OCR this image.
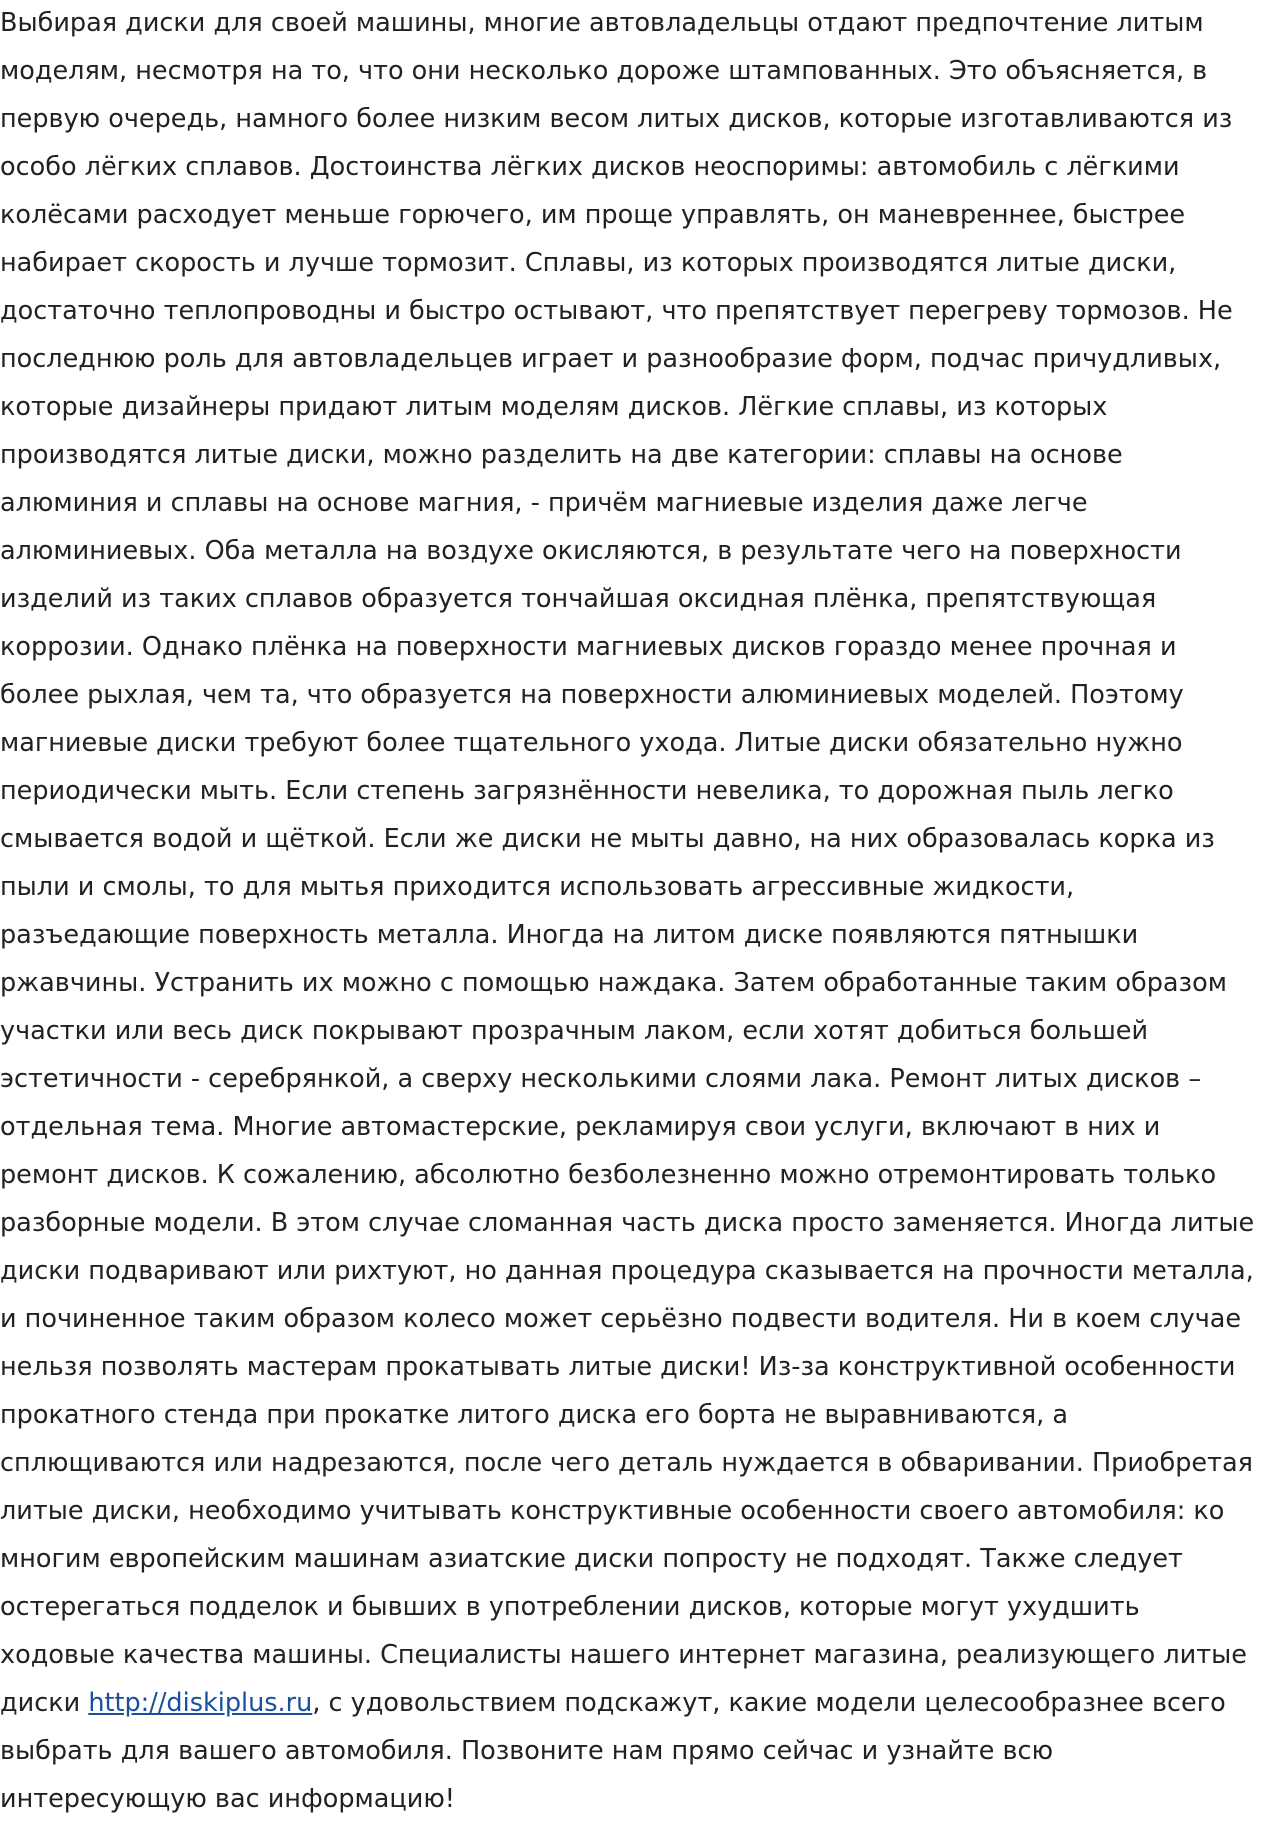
Выбирая диски для своей машины, многие автовладельцы отдают предпочтение литым моделям, несмотря на то, что они несколько дороже штампованных. Это объясняется, в первую очередь, намного более низким весом литых дисков, которые изготавливаются из особо лёгких сплавов. Достоинства лёгких дисков неоспоримы: автомобиль с лёгкими колёсами расходует меньше горючего, им проще управлять, он маневреннее, быстрее набирает скорость и лучше тормозит. Сплавы, из которых производятся литые диски, достаточно теплопроводны и быстро остывают, что препятствует перегреву тормозов. Не последнюю роль для автовладельцев играет и разнообразие форм, подчас причудливых, которые дизайнеры придают литым моделям дисков. Лёгкие сплавы, из которых производятся литые диски, можно разделить на две категории: сплавы на основе алюминия и сплавы на основе магния, - причём магниевые изделия даже легче алюминиевых. Оба металла на воздухе окисляются, в результате чего на поверхности изделий из таких сплавов образуется тончайшая оксидная плёнка, препятствующая коррозии. Однако плёнка на поверхности магниевых дисков гораздо менее прочная и более рыхлая, чем та, что образуется на поверхности алюминиевых моделей. Поэтому магниевые диски требуют более тщательного ухода. Литые диски обязательно нужно периодически мыть. Если степень загрязнённости невелика, то дорожная пыль легко смывается водой и щёткой. Если же диски не мыты давно, на них образовалась корка из пыли и смолы, то для мытья приходится использовать агрессивные жидкости, разъедающие поверхность металла. Иногда на литом диске появляются пятнышки ржавчины. Устранить их можно с помощью наждака. Затем обработанные таким образом участки или весь диск покрывают прозрачным лаком, если хотят добиться большей эстетичности - серебрянкой, а сверху несколькими слоями лака. Ремонт литых дисков – отдельная тема. Многие автомастерские, рекламируя свои услуги, включают в них и ремонт дисков. К сожалению, абсолютно безболезненно можно отремонтировать только разборные модели. В этом случае сломанная часть диска просто заменяется. Иногда литые диски подваривают или рихтуют, но данная процедура сказывается на прочности металла, и починенное таким образом колесо может серьёзно подвести водителя. Ни в коем случае нельзя позволять мастерам прокатывать литые диски! Из-за конструктивной особенности прокатного стенда при прокатке литого диска его борта не выравниваются, а сплющиваются или надрезаются, после чего деталь нуждается в обваривании. Приобретая литые диски, необходимо учитывать конструктивные особенности своего автомобиля: ко многим европейским машинам азиатские диски попросту не подходят. Также следует остерегаться подделок и бывших в употреблении дисков, которые могут ухудшить ходовые качества машины. Специалисты нашего интернет магазина, реализующего литые диски http://diskiplus.ru, с удовольствием подскажут, какие модели целесообразнее всего выбрать для вашего автомобиля. Позвоните нам прямо сейчас и узнайте всю интересующую вас информацию!
